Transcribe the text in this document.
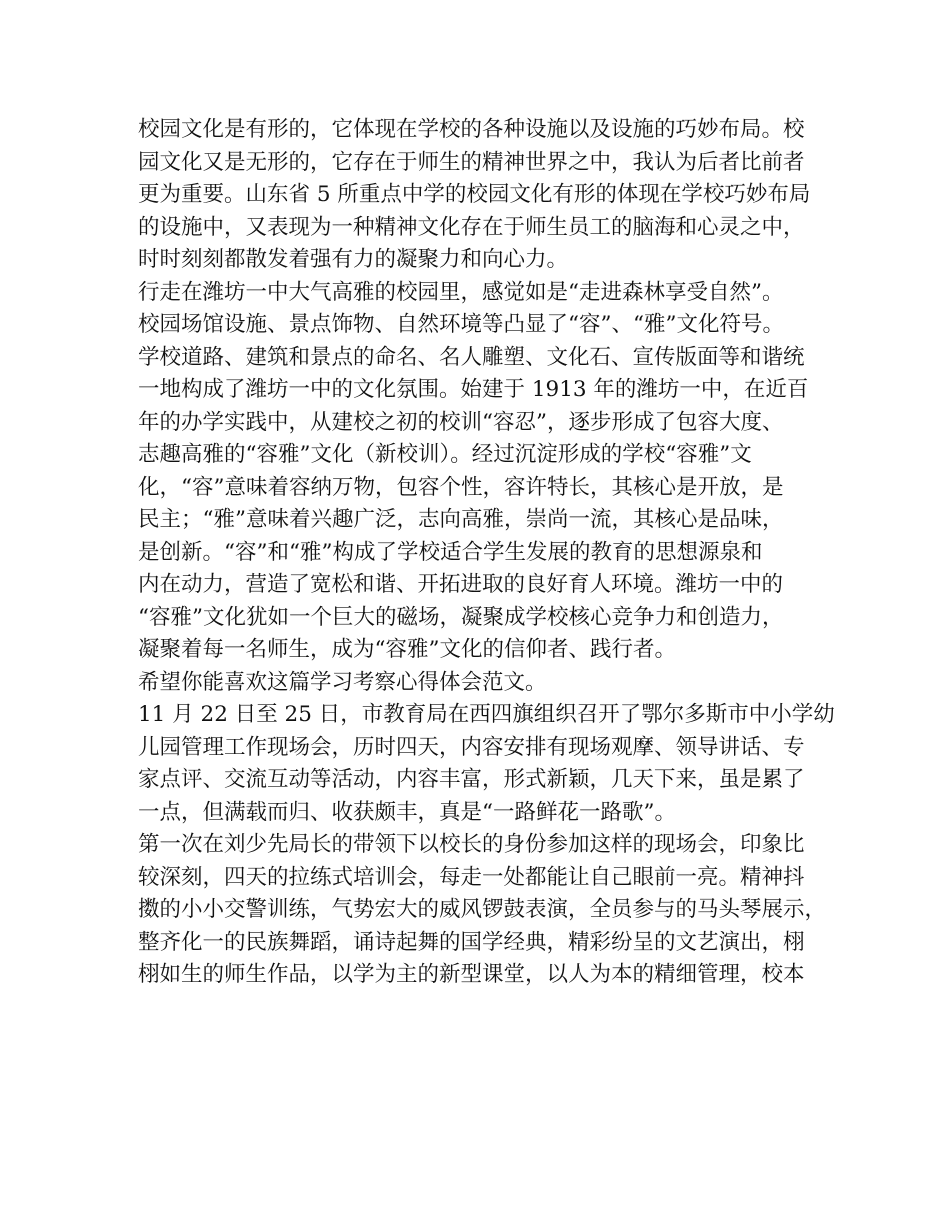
校园文化是有形的，它体现在学校的各种设施以及设施的巧妙布局。校
园文化又是无形的，它存在于师生的精神世界之中，我认为后者比前者
更为重要。山东省 5 所重点中学的校园文化有形的体现在学校巧妙布局
的设施中，又表现为一种精神文化存在于师生员工的脑海和心灵之中，
时时刻刻都散发着强有力的凝聚力和向心力。
行走在潍坊一中大气高雅的校园里，感觉如是“走进森林享受自然”。
校园场馆设施、景点饰物、自然环境等凸显了“容”、“雅”文化符号。
学校道路、建筑和景点的命名、名人雕塑、文化石、宣传版面等和谐统
一地构成了潍坊一中的文化氛围。始建于 1913 年的潍坊一中，在近百
年的办学实践中，从建校之初的校训“容忍”，逐步形成了包容大度、
志趣高雅的“容雅”文化（新校训）。经过沉淀形成的学校“容雅”文
化，“容”意味着容纳万物，包容个性，容许特长，其核心是开放，是
民主；“雅”意味着兴趣广泛，志向高雅，崇尚一流，其核心是品味，
是创新。“容”和“雅”构成了学校适合学生发展的教育的思想源泉和
内在动力，营造了宽松和谐、开拓进取的良好育人环境。潍坊一中的
“容雅”文化犹如一个巨大的磁场，凝聚成学校核心竞争力和创造力，
凝聚着每一名师生，成为“容雅”文化的信仰者、践行者。
希望你能喜欢这篇学习考察心得体会范文。
11 月 22 日至 25 日，市教育局在西四旗组织召开了鄂尔多斯市中小学幼
儿园管理工作现场会，历时四天，内容安排有现场观摩、领导讲话、专
家点评、交流互动等活动，内容丰富，形式新颖，几天下来，虽是累了
一点，但满载而归、收获颇丰，真是“一路鲜花一路歌”。
第一次在刘少先局长的带领下以校长的身份参加这样的现场会，印象比
较深刻，四天的拉练式培训会，每走一处都能让自己眼前一亮。精神抖
擞的小小交警训练，气势宏大的威风锣鼓表演，全员参与的马头琴展示，
整齐化一的民族舞蹈，诵诗起舞的国学经典，精彩纷呈的文艺演出，栩
栩如生的师生作品，以学为主的新型课堂，以人为本的精细管理，校本
